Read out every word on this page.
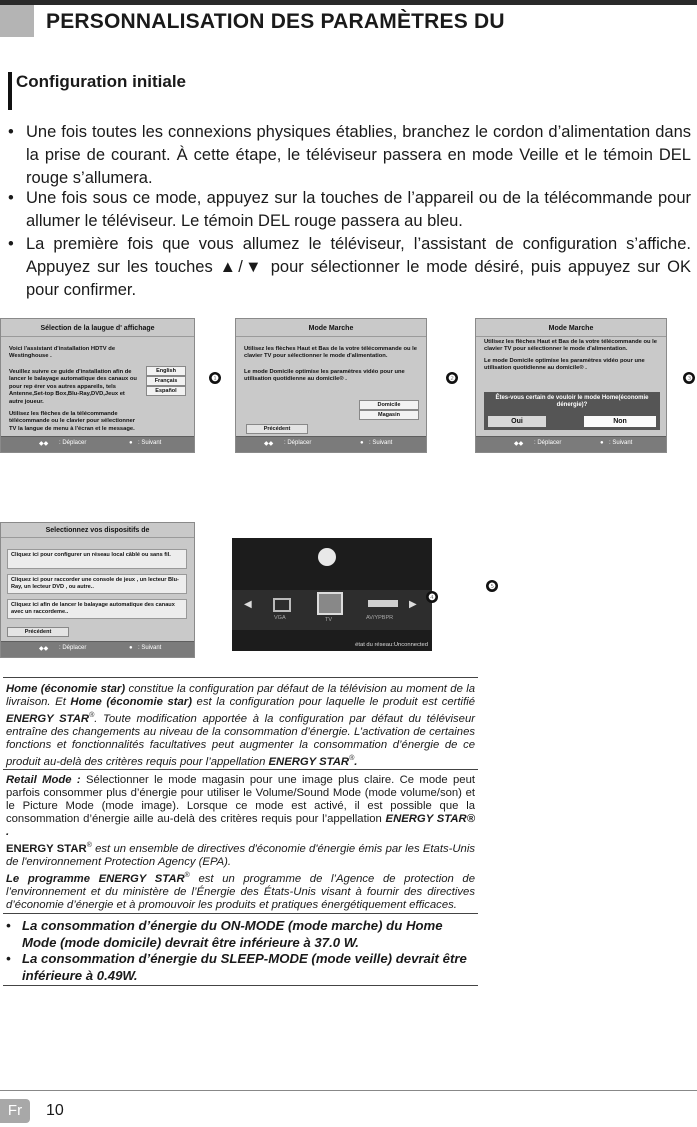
PERSONNALISATION DES PARAMÈTRES DU
Configuration initiale
• Une fois toutes les connexions physiques établies, branchez le cordon d’alimentation dans la prise de courant. À cette étape, le téléviseur passera en mode Veille et le témoin DEL rouge s’allumera.
• Une fois sous ce mode, appuyez sur la touches de l’appareil ou de la télécommande pour allumer le téléviseur. Le témoin DEL rouge passera au bleu.
• La première fois que vous allumez le téléviseur, l’assistant de configuration s’affiche. Appuyez sur les touches ▲/▼ pour sélectionner le mode désiré, puis appuyez sur OK pour confirmer.
Sélection de la laugue d' affichage
Voici l'assistant d'installation HDTV de Westinghouse .
Veuillez suivre ce guide d'installation afin de lancer le balayage automatique des canaux ou pour rep érer vos autres appareils, tels Antenne,Set-top Box,Blu-Ray,DVD,Jeux et autre joueur.
Utilisez les flèches de la télécommande télécommande ou le clavier pour sélectionner TV la langue de menu à l'écran et le message.
English
Français
Español
◆◆ : Déplacer	● : Suivant
❶
Mode Marche
Utilisez les flèches Haut et Bas de la votre télécommande ou le clavier TV pour sélectionner le mode d'alimentation.
Le mode Domicile optimise les paramètres vidéo pour une utilisation quotidienne au domicile® .
Domicile
Magasin
Précédent
◆◆ : Déplacer	● : Suivant
❷
Mode Marche
Utilisez les flèches Haut et Bas de la votre télécommande ou le clavier TV pour sélectionner le mode d'alimentation.
Le mode Domicile optimise les paramètres vidéo pour une utilisation quotidienne au domicile® .
Êtes-vous certain de vouloir le mode Home(économie dénergie)?
Oui	Non
◆◆ : Déplacer	● : Suivant
❸
Selectionnez vos dispositifs de
Cliquez ici pour configurer un réseau local câblé ou sans fil.
Cliquez ici pour raccorder une console de jeux , un lecteur Blu-Ray, un lecteur DVD , ou autre..
Cliquez ici afin de lancer le balayage automatique des canaux avec un raccordeme..
Précédent
◆◆ : Déplacer	● : Suivant
◀	▶
VGA	TV	AV/YPBPR
état du réseau:Unconnected
❹
❺
Home (économie star) constitue la configuration par défaut de la télévision au moment de la livraison. Et Home (économie star) est la configuration pour laquelle le produit est certifié ENERGY STAR®. Toute modification apportée à la configuration par défaut du téléviseur entraîne des changements au niveau de la consommation d’énergie. L’activation de certaines fonctions et fonctionnalités facultatives peut augmenter la consommation d’énergie de ce produit au-delà des critères requis pour l’appellation ENERGY STAR®.
Retail Mode : Sélectionner le mode magasin pour une image plus claire. Ce mode peut parfois consommer plus d’énergie pour utiliser le Volume/Sound Mode (mode volume/son) et le Picture Mode (mode image). Lorsque ce mode est activé, il est possible que la consommation d’énergie aille au-delà des critères requis pour l’appellation ENERGY STAR® .
ENERGY STAR® est un ensemble de directives d'économie d'énergie émis par les Etats-Unis de l'environnement Protection Agency (EPA).
Le programme ENERGY STAR® est un programme de l’Agence de protection de l’environnement et du ministère de l’Énergie des États-Unis visant à fournir des directives d’économie d’énergie et à promouvoir les produits et pratiques énergétiquement efficaces.
• La consommation d’énergie du ON-MODE (mode marche) du Home Mode (mode domicile) devrait être inférieure à 37.0 W.
• La consommation d’énergie du SLEEP-MODE (mode veille) devrait être inférieure à 0.49W.
Fr	10
